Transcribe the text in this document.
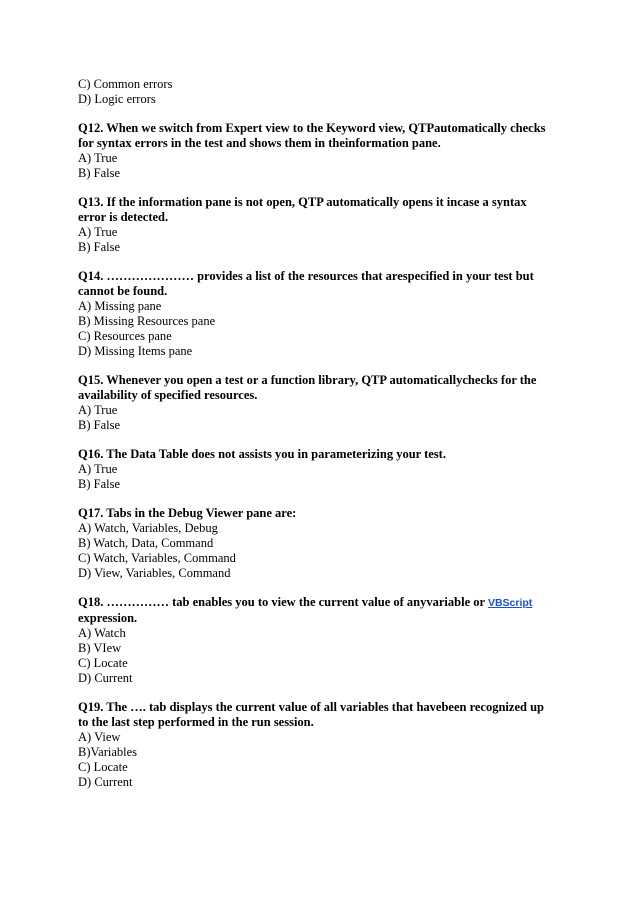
C) Common errors
D) Logic errors
Q12. When we switch from Expert view to the Keyword view, QTPautomatically checks
for syntax errors in the test and shows them in theinformation pane.
A) True
B) False
Q13. If the information pane is not open, QTP automatically opens it incase a syntax
error is detected.
A) True
B) False
Q14. ………………… provides a list of the resources that arespecified in your test but
cannot be found.
A) Missing pane
B) Missing Resources pane
C) Resources pane
D) Missing Items pane
Q15. Whenever you open a test or a function library, QTP automaticallychecks for the
availability of specified resources.
A) True
B) False
Q16. The Data Table does not assists you in parameterizing your test.
A) True
B) False
Q17. Tabs in the Debug Viewer pane are:
A) Watch, Variables, Debug
B) Watch, Data, Command
C) Watch, Variables, Command
D) View, Variables, Command
Q18. …………… tab enables you to view the current value of anyvariable or VBScript
expression.
A) Watch
B) VIew
C) Locate
D) Current
Q19. The …. tab displays the current value of all variables that havebeen recognized up
to the last step performed in the run session.
A) View
B)Variables
C) Locate
D) Current
